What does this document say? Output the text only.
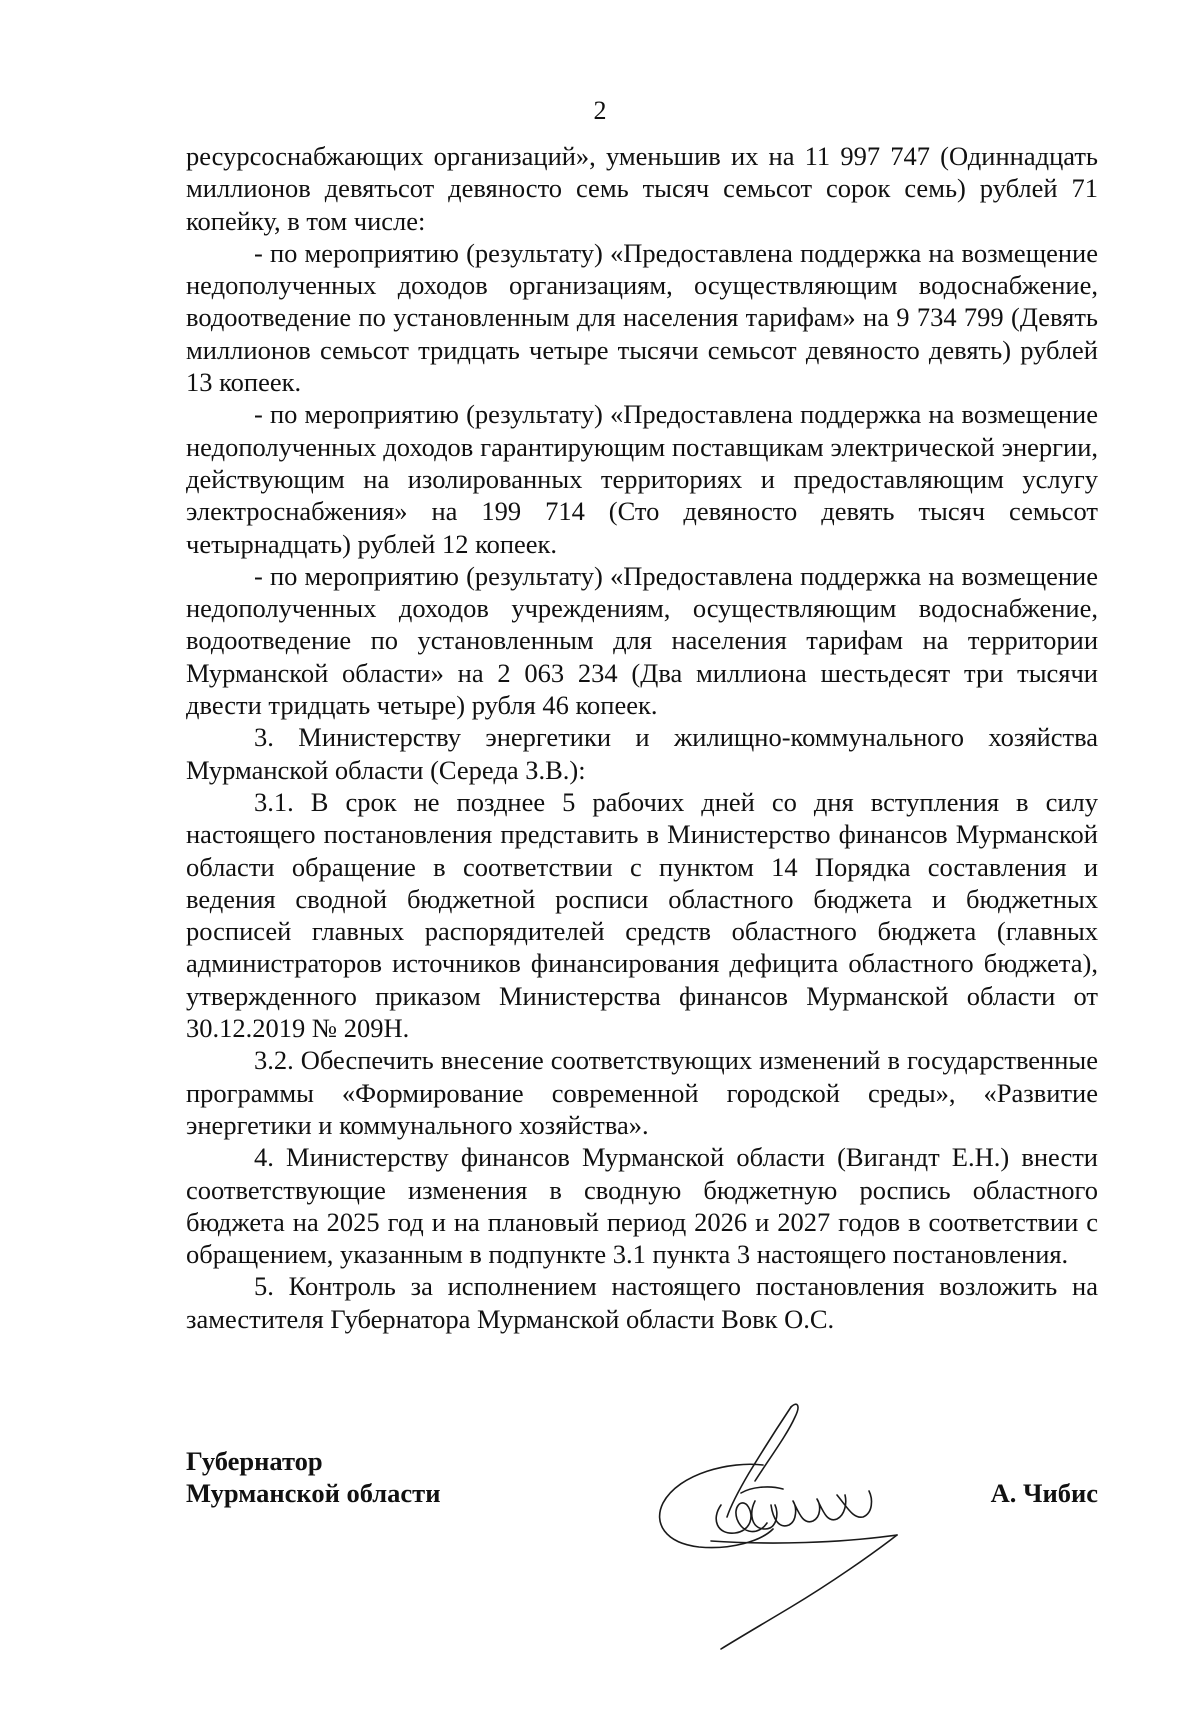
2

ресурсоснабжающих организаций», уменьшив их на 11 997 747 (Одиннадцать миллионов девятьсот девяносто семь тысяч семьсот сорок семь) рублей 71 копейку, в том числе:

- по мероприятию (результату) «Предоставлена поддержка на возмещение недополученных доходов организациям, осуществляющим водоснабжение, водоотведение по установленным для населения тарифам» на 9 734 799 (Девять миллионов семьсот тридцать четыре тысячи семьсот девяносто девять) рублей 13 копеек.

- по мероприятию (результату) «Предоставлена поддержка на возмещение недополученных доходов гарантирующим поставщикам электрической энергии, действующим на изолированных территориях и предоставляющим услугу электроснабжения» на 199 714 (Сто девяносто девять тысяч семьсот четырнадцать) рублей 12 копеек.

- по мероприятию (результату) «Предоставлена поддержка на возмещение недополученных доходов учреждениям, осуществляющим водоснабжение, водоотведение по установленным для населения тарифам на территории Мурманской области» на 2 063 234 (Два миллиона шестьдесят три тысячи двести тридцать четыре) рубля 46 копеек.

3. Министерству энергетики и жилищно-коммунального хозяйства Мурманской области (Середа З.В.):

3.1. В срок не позднее 5 рабочих дней со дня вступления в силу настоящего постановления представить в Министерство финансов Мурманской области обращение в соответствии с пунктом 14 Порядка составления и ведения сводной бюджетной росписи областного бюджета и бюджетных росписей главных распорядителей средств областного бюджета (главных администраторов источников финансирования дефицита областного бюджета), утвержденного приказом Министерства финансов Мурманской области от 30.12.2019 № 209Н.

3.2. Обеспечить внесение соответствующих изменений в государственные программы «Формирование современной городской среды», «Развитие энергетики и коммунального хозяйства».

4. Министерству финансов Мурманской области (Вигандт Е.Н.) внести соответствующие изменения в сводную бюджетную роспись областного бюджета на 2025 год и на плановый период 2026 и 2027 годов в соответствии с обращением, указанным в подпункте 3.1 пункта 3 настоящего постановления.

5. Контроль за исполнением настоящего постановления возложить на заместителя Губернатора Мурманской области Вовк О.С.

Губернатор
Мурманской области	А. Чибис
